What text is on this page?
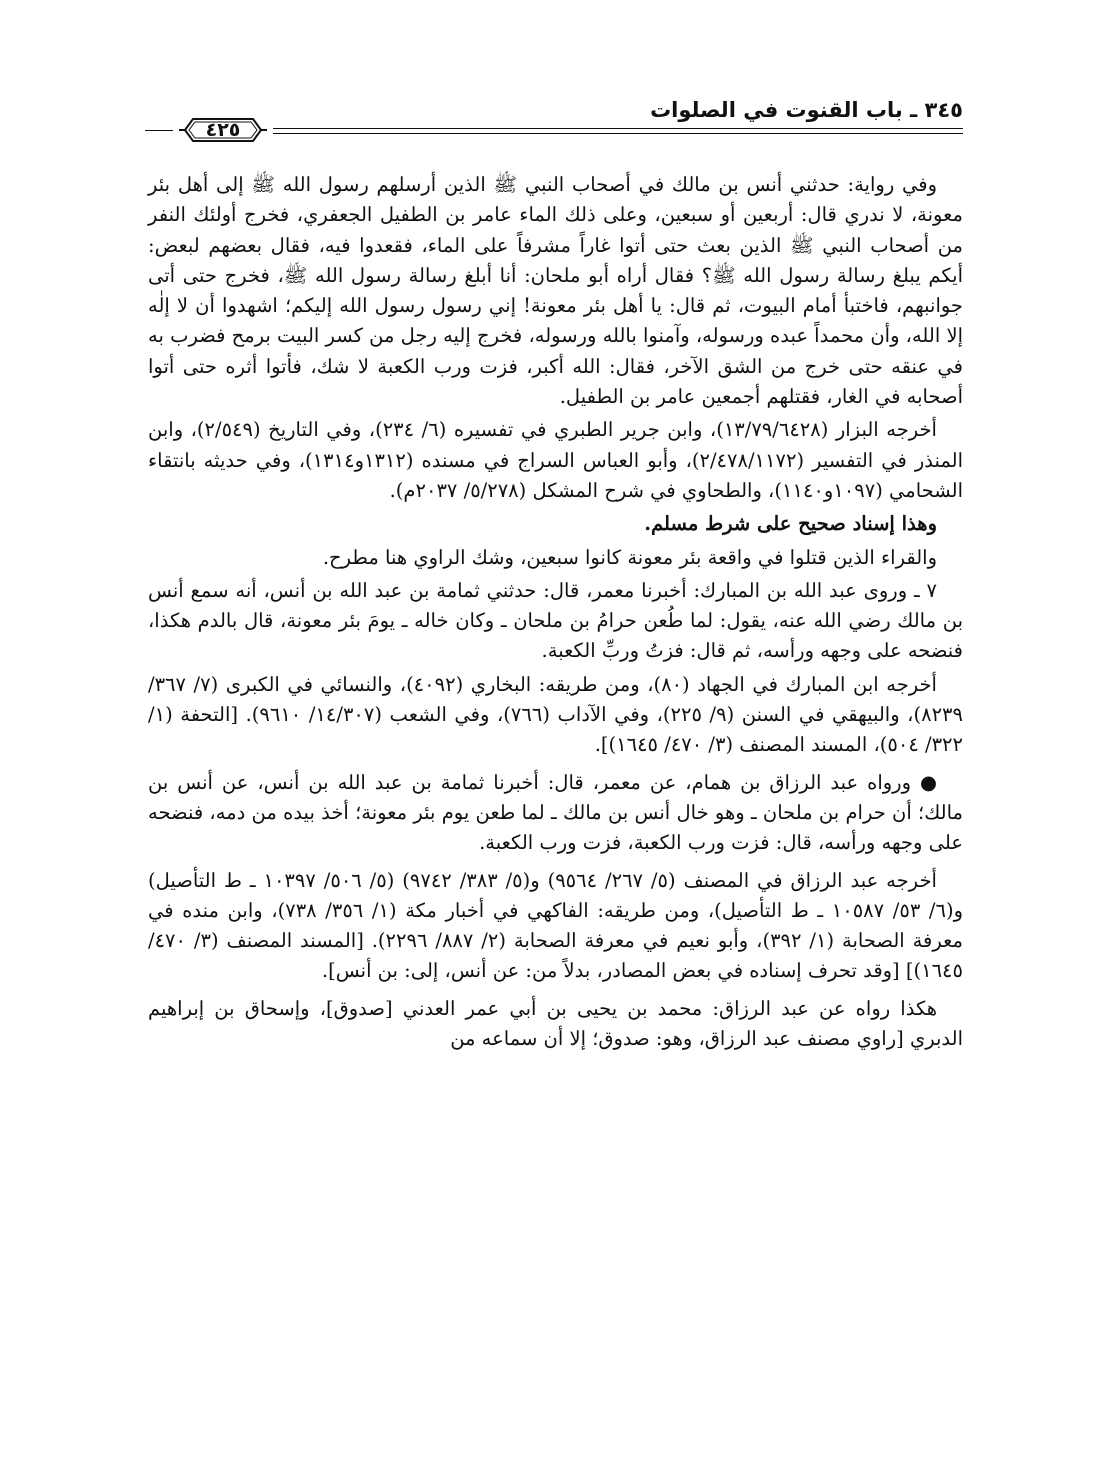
٣٤٥ ـ باب القنوت في الصلوات
٤٢٥

وفي رواية: حدثني أنس بن مالك في أصحاب النبي ﷺ الذين أرسلهم رسول الله ﷺ إلى أهل بئر معونة، لا ندري قال: أربعين أو سبعين، وعلى ذلك الماء عامر بن الطفيل الجعفري، فخرج أولئك النفر من أصحاب النبي ﷺ الذين بعث حتى أتوا غاراً مشرفاً على الماء، فقعدوا فيه، فقال بعضهم لبعض: أيكم يبلغ رسالة رسول الله ﷺ؟ فقال أراه أبو ملحان: أنا أبلغ رسالة رسول الله ﷺ، فخرج حتى أتى جوانبهم، فاختبأ أمام البيوت، ثم قال: يا أهل بئر معونة! إني رسول رسول الله إليكم؛ اشهدوا أن لا إلٰه إلا الله، وأن محمداً عبده ورسوله، وآمنوا بالله ورسوله، فخرج إليه رجل من كسر البيت برمح فضرب به في عنقه حتى خرج من الشق الآخر، فقال: الله أكبر، فزت ورب الكعبة لا شك، فأتوا أثره حتى أتوا أصحابه في الغار، فقتلهم أجمعين عامر بن الطفيل.

أخرجه البزار (١٣/٧٩/٦٤٢٨)، وابن جرير الطبري في تفسيره (٦/ ٢٣٤)، وفي التاريخ (٢/٥٤٩)، وابن المنذر في التفسير (٢/٤٧٨/١١٧٢)، وأبو العباس السراج في مسنده (١٣١٢و١٣١٤)، وفي حديثه بانتقاء الشحامي (١٠٩٧و١١٤٠)، والطحاوي في شرح المشكل (٥/٢٧٨/ ٢٠٣٧م).

وهذا إسناد صحيح على شرط مسلم.

والقراء الذين قتلوا في واقعة بئر معونة كانوا سبعين، وشك الراوي هنا مطرح.

٧ ـ وروى عبد الله بن المبارك: أخبرنا معمر، قال: حدثني ثمامة بن عبد الله بن أنس، أنه سمع أنس بن مالك رضي الله عنه، يقول: لما طُعن حرامُ بن ملحان ـ وكان خاله ـ يومَ بئر معونة، قال بالدم هكذا، فنضحه على وجهه ورأسه، ثم قال: فزتُ وربِّ الكعبة.

أخرجه ابن المبارك في الجهاد (٨٠)، ومن طريقه: البخاري (٤٠٩٢)، والنسائي في الكبرى (٧/ ٣٦٧/ ٨٢٣٩)، والبيهقي في السنن (٩/ ٢٢٥)، وفي الآداب (٧٦٦)، وفي الشعب (١٤/٣٠٧/ ٩٦١٠). [التحفة (١/ ٣٢٢/ ٥٠٤)، المسند المصنف (٣/ ٤٧٠/ ١٦٤٥)].

● ورواه عبد الرزاق بن همام، عن معمر، قال: أخبرنا ثمامة بن عبد الله بن أنس، عن أنس بن مالك؛ أن حرام بن ملحان ـ وهو خال أنس بن مالك ـ لما طعن يوم بئر معونة؛ أخذ بيده من دمه، فنضحه على وجهه ورأسه، قال: فزت ورب الكعبة، فزت ورب الكعبة.

أخرجه عبد الرزاق في المصنف (٥/ ٢٦٧/ ٩٥٦٤) و(٥/ ٣٨٣/ ٩٧٤٢) (٥/ ٥٠٦/ ١٠٣٩٧ ـ ط التأصيل) و(٦/ ٥٣/ ١٠٥٨٧ ـ ط التأصيل)، ومن طريقه: الفاكهي في أخبار مكة (١/ ٣٥٦/ ٧٣٨)، وابن منده في معرفة الصحابة (١/ ٣٩٢)، وأبو نعيم في معرفة الصحابة (٢/ ٨٨٧/ ٢٢٩٦). [المسند المصنف (٣/ ٤٧٠/ ١٦٤٥)] [وقد تحرف إسناده في بعض المصادر، بدلاً من: عن أنس، إلى: بن أنس].

هكذا رواه عن عبد الرزاق: محمد بن يحيى بن أبي عمر العدني [صدوق]، وإسحاق بن إبراهيم الدبري [راوي مصنف عبد الرزاق، وهو: صدوق؛ إلا أن سماعه من
